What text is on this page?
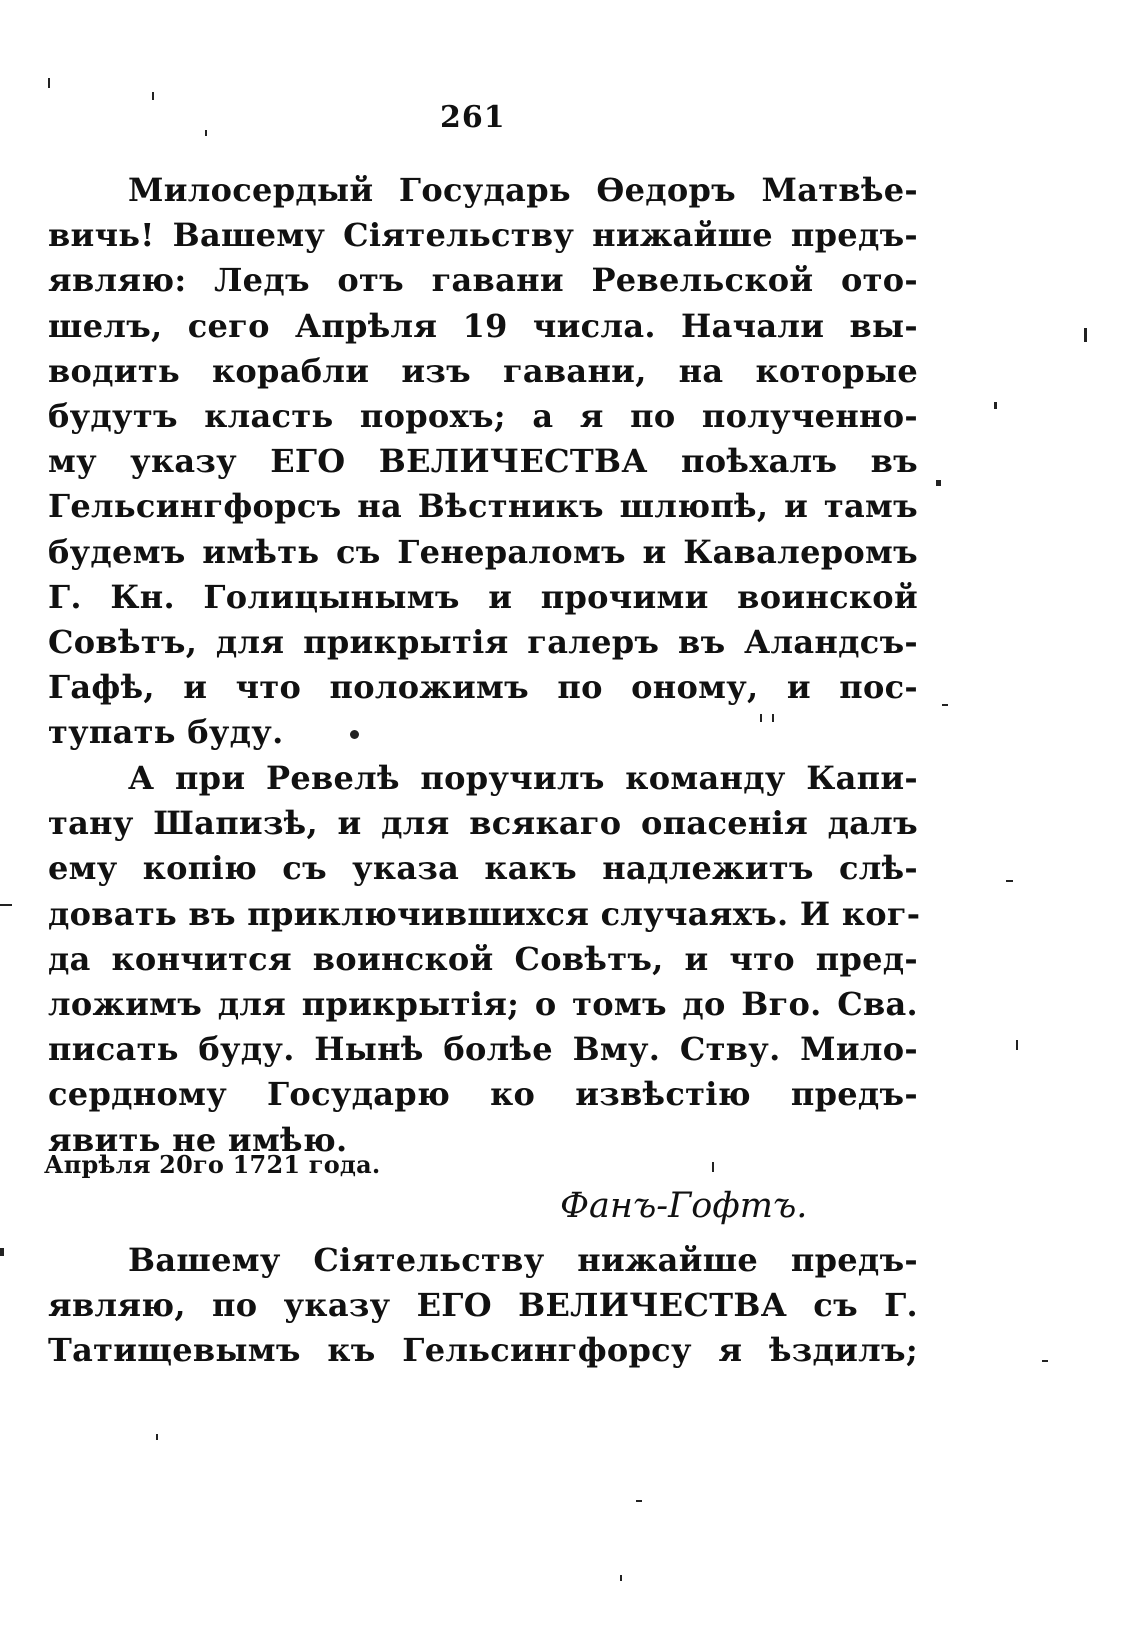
261
Милосердый Государь Өедоръ Матвѣе-
вичь! Вашему Сіятельству нижайше предъ-
являю: Ледъ отъ гавани Ревельской ото-
шелъ, сего Апрѣля 19 числа. Начали вы-
водить корабли изъ гавани, на которые
будутъ класть порохъ; а я по полученно-
му указу ЕГО ВЕЛИЧЕСТВА поѣхалъ въ
Гельсингфорсъ на Вѣстникъ шлюпѣ, и тамъ
будемъ имѣть съ Генераломъ и Кавалеромъ
Г. Кн. Голицынымъ и прочими воинской
Совѣтъ, для прикрытія галеръ въ Аландсъ-
Гафѣ, и что положимъ по оному, и пос-
тупать буду.
А при Ревелѣ поручилъ команду Капи-
тану Шапизѣ, и для всякаго опасенія далъ
ему копію съ указа какъ надлежитъ слѣ-
довать въ приключившихся случаяхъ. И ког-
да кончится воинской Совѣтъ, и что пред-
ложимъ для прикрытія; о томъ до Вго. Сва.
писать буду. Нынѣ болѣе Вму. Ству. Мило-
сердному Государю ко извѣстію предъ-
явить не имѣю.
Апрѣля 20го 1721 года.
Фанъ-Гофтъ.
Вашему Сіятельству нижайше предъ-
являю, по указу ЕГО ВЕЛИЧЕСТВА съ Г.
Татищевымъ къ Гельсингфорсу я ѣздилъ;
